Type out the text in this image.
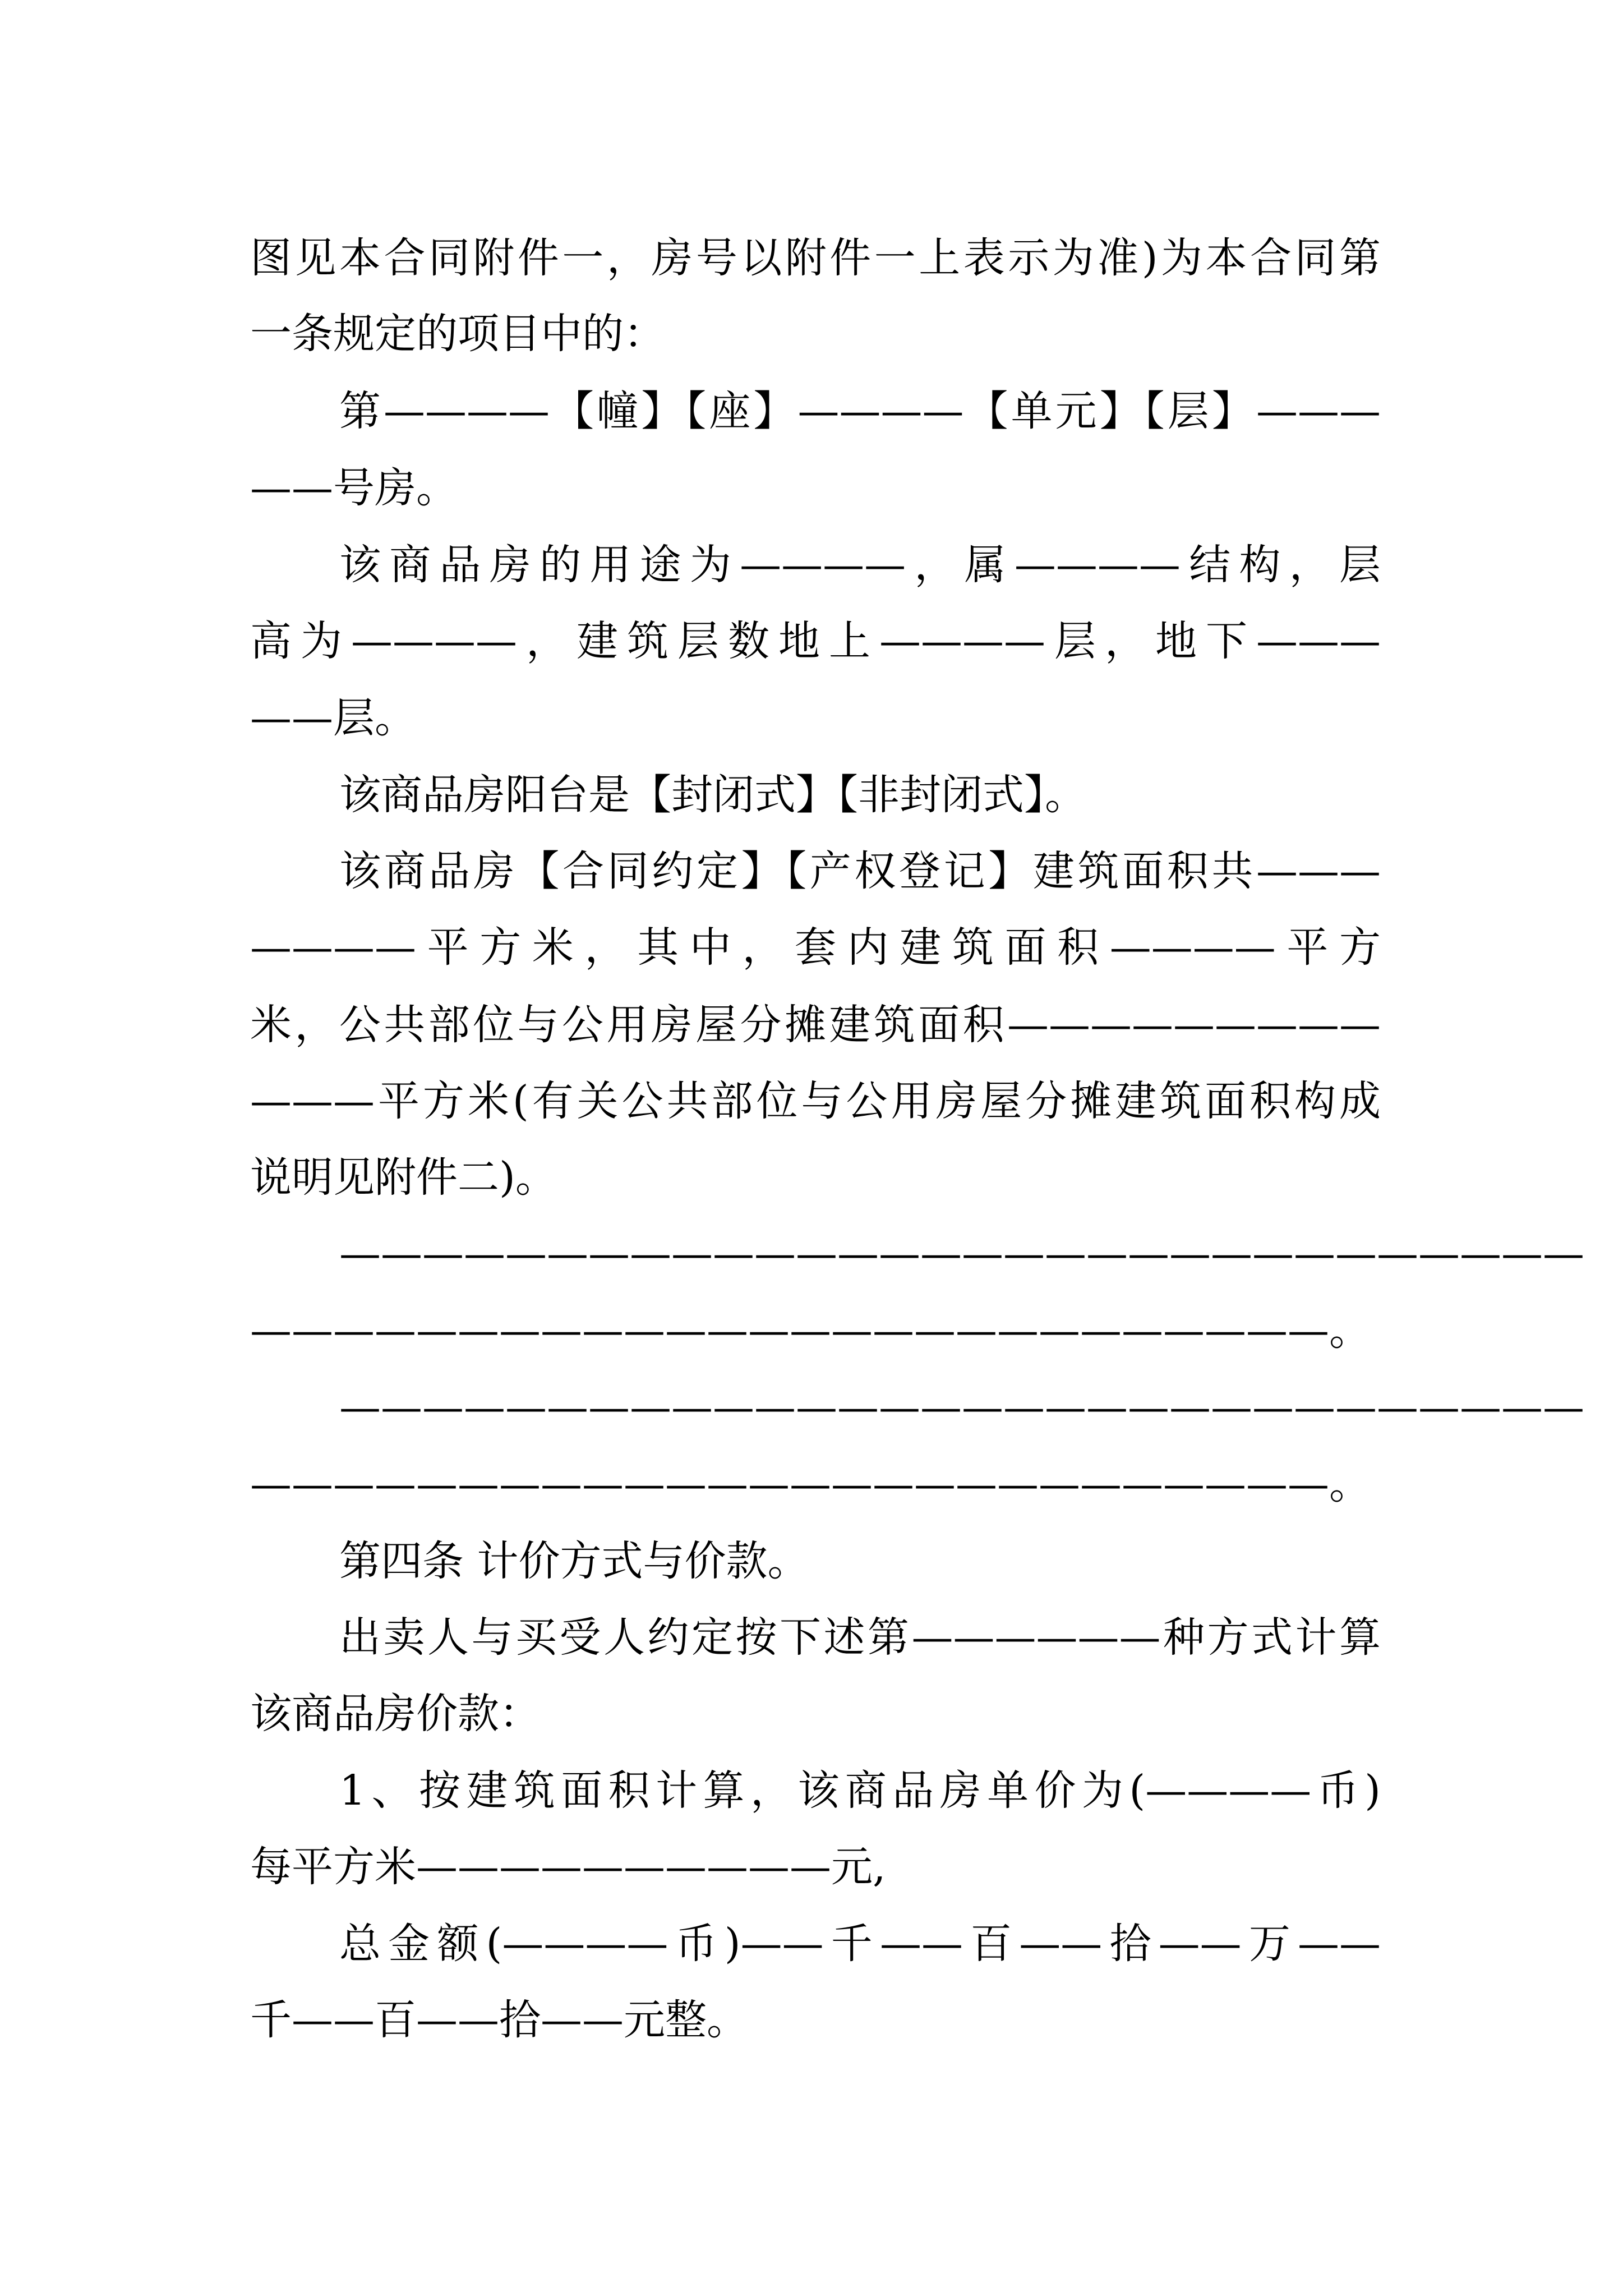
图见本合同附件一，房号以附件一上表示为准)为本合同第
一条规定的项目中的：
第————【幢】【座】————【单元】【层】———
——号房。
该商品房的用途为————，属————结构，层
高为————，建筑层数地上————层，地下———
——层。
该商品房阳台是【封闭式】【非封闭式】。
该商品房【合同约定】【产权登记】建筑面积共———
————平方米，其中，套内建筑面积————平方
米，公共部位与公用房屋分摊建筑面积—————————
———平方米(有关公共部位与公用房屋分摊建筑面积构成
说明见附件二)。
——————————————————————————————
——————————————————————————。
——————————————————————————————
——————————————————————————。
第四条 计价方式与价款。
出卖人与买受人约定按下述第——————种方式计算
该商品房价款：
1、按建筑面积计算，该商品房单价为(————币)
每平方米——————————元,
总金额(————币)——千——百——拾——万——
千——百——拾——元整。
